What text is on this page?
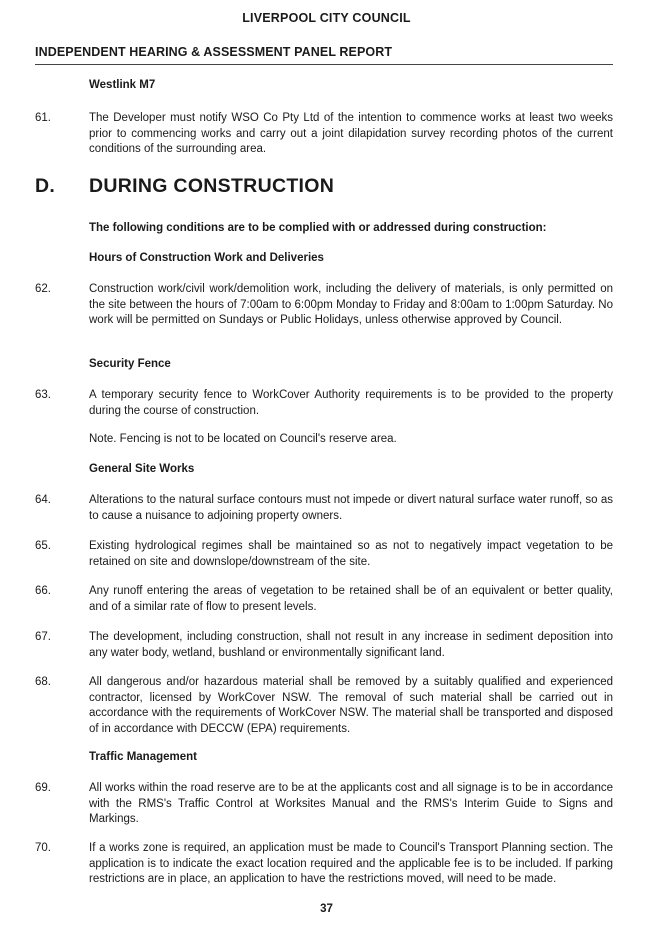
LIVERPOOL CITY COUNCIL
INDEPENDENT HEARING & ASSESSMENT PANEL REPORT
Westlink M7
61.	The Developer must notify WSO Co Pty Ltd of the intention to commence works at least two weeks prior to commencing works and carry out a joint dilapidation survey recording photos of the current conditions of the surrounding area.
D. DURING CONSTRUCTION
The following conditions are to be complied with or addressed during construction:
Hours of Construction Work and Deliveries
62.	Construction work/civil work/demolition work, including the delivery of materials, is only permitted on the site between the hours of 7:00am to 6:00pm Monday to Friday and 8:00am to 1:00pm Saturday. No work will be permitted on Sundays or Public Holidays, unless otherwise approved by Council.
Security Fence
63.	A temporary security fence to WorkCover Authority requirements is to be provided to the property during the course of construction.
Note. Fencing is not to be located on Council's reserve area.
General Site Works
64.	Alterations to the natural surface contours must not impede or divert natural surface water runoff, so as to cause a nuisance to adjoining property owners.
65.	Existing hydrological regimes shall be maintained so as not to negatively impact vegetation to be retained on site and downslope/downstream of the site.
66.	Any runoff entering the areas of vegetation to be retained shall be of an equivalent or better quality, and of a similar rate of flow to present levels.
67.	The development, including construction, shall not result in any increase in sediment deposition into any water body, wetland, bushland or environmentally significant land.
68.	All dangerous and/or hazardous material shall be removed by a suitably qualified and experienced contractor, licensed by WorkCover NSW. The removal of such material shall be carried out in accordance with the requirements of WorkCover NSW. The material shall be transported and disposed of in accordance with DECCW (EPA) requirements.
Traffic Management
69.	All works within the road reserve are to be at the applicants cost and all signage is to be in accordance with the RMS's Traffic Control at Worksites Manual and the RMS's Interim Guide to Signs and Markings.
70.	If a works zone is required, an application must be made to Council's Transport Planning section. The application is to indicate the exact location required and the applicable fee is to be included. If parking restrictions are in place, an application to have the restrictions moved, will need to be made.
37
